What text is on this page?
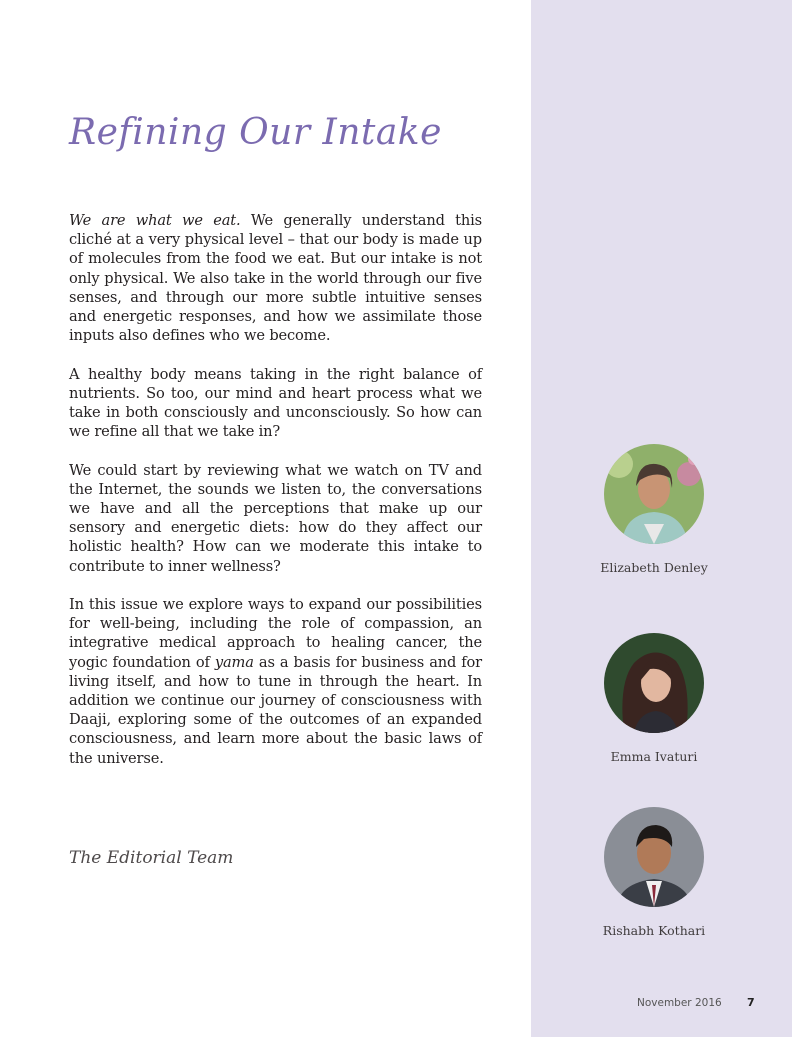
Refining Our Intake

We are what we eat. We generally understand this cliché at a very physical level – that our body is made up of molecules from the food we eat. But our intake is not only physical. We also take in the world through our five senses, and through our more subtle intuitive senses and energetic responses, and how we assimilate those inputs also defines who we become.

A healthy body means taking in the right balance of nutrients. So too, our mind and heart process what we take in both consciously and unconsciously. So how can we refine all that we take in?

We could start by reviewing what we watch on TV and the Internet, the sounds we listen to, the conversations we have and all the perceptions that make up our sensory and energetic diets: how do they affect our holistic health? How can we moderate this intake to contribute to inner wellness?

In this issue we explore ways to expand our possibilities for well-being, including the role of compassion, an integrative medical approach to healing cancer, the yogic foundation of yama as a basis for business and for living itself, and how to tune in through the heart. In addition we continue our journey of consciousness with Daaji, exploring some of the outcomes of an expanded consciousness, and learn more about the basic laws of the universe.

The Editorial Team
Elizabeth Denley
Emma Ivaturi
Rishabh Kothari
November 2016 7
